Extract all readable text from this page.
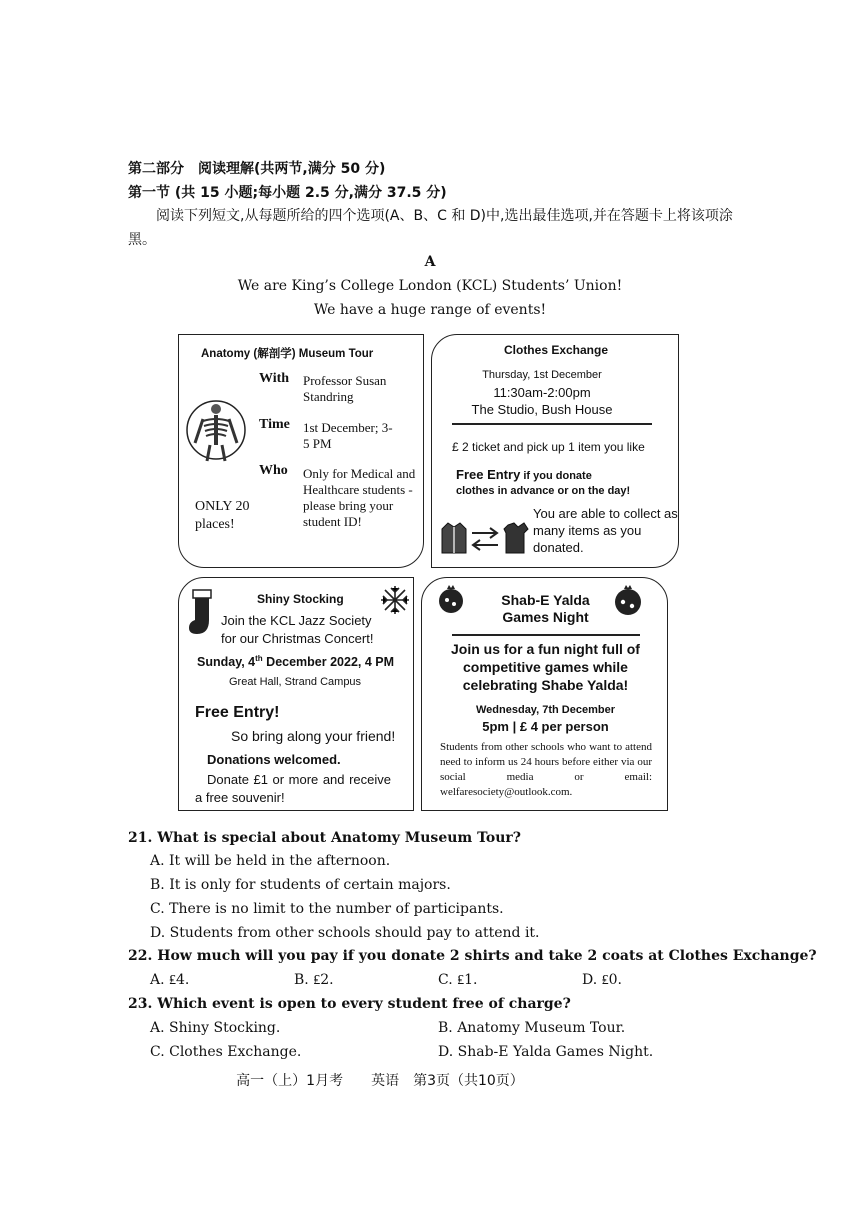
第二部分　阅读理解(共两节,满分 50 分)
第一节 (共 15 小题;每小题 2.5 分,满分 37.5 分)
阅读下列短文,从每题所给的四个选项(A、B、C 和 D)中,选出最佳选项,并在答题卡上将该项涂黑。
A
We are King’s College London (KCL) Students’ Union!
We have a huge range of events!
Anatomy (解剖学) Museum Tour
With Professor Susan Standring
Time 1st December; 3-5 PM
Who Only for Medical and Healthcare students - please bring your student ID!
ONLY 20 places!
Clothes Exchange
Thursday, 1st December
11:30am-2:00pm
The Studio, Bush House
£ 2 ticket and pick up 1 item you like
Free Entry if you donate
clothes in advance or on the day!
You are able to collect as many items as you donated.
Shiny Stocking
Join the KCL Jazz Society
for our Christmas Concert!
Sunday, 4th December 2022, 4 PM
Great Hall, Strand Campus
Free Entry!
So bring along your friend!
Donations welcomed.
Donate £1 or more and receive a free souvenir!
Shab-E Yalda
Games Night
Join us for a fun night full of competitive games while celebrating Shabe Yalda!
Wednesday, 7th December
5pm | £ 4 per person
Students from other schools who want to attend need to inform us 24 hours before either via our social media or email: welfaresociety@outlook.com.
21. What is special about Anatomy Museum Tour?
A. It will be held in the afternoon.
B. It is only for students of certain majors.
C. There is no limit to the number of participants.
D. Students from other schools should pay to attend it.
22. How much will you pay if you donate 2 shirts and take 2 coats at Clothes Exchange?
A. ₤4.	B. ₤2.	C. ₤1.	D. ₤0.
23. Which event is open to every student free of charge?
A. Shiny Stocking.	B. Anatomy Museum Tour.
C. Clothes Exchange.	D. Shab-E Yalda Games Night.
高一（上）1月考　　英语　第3页（共10页）
